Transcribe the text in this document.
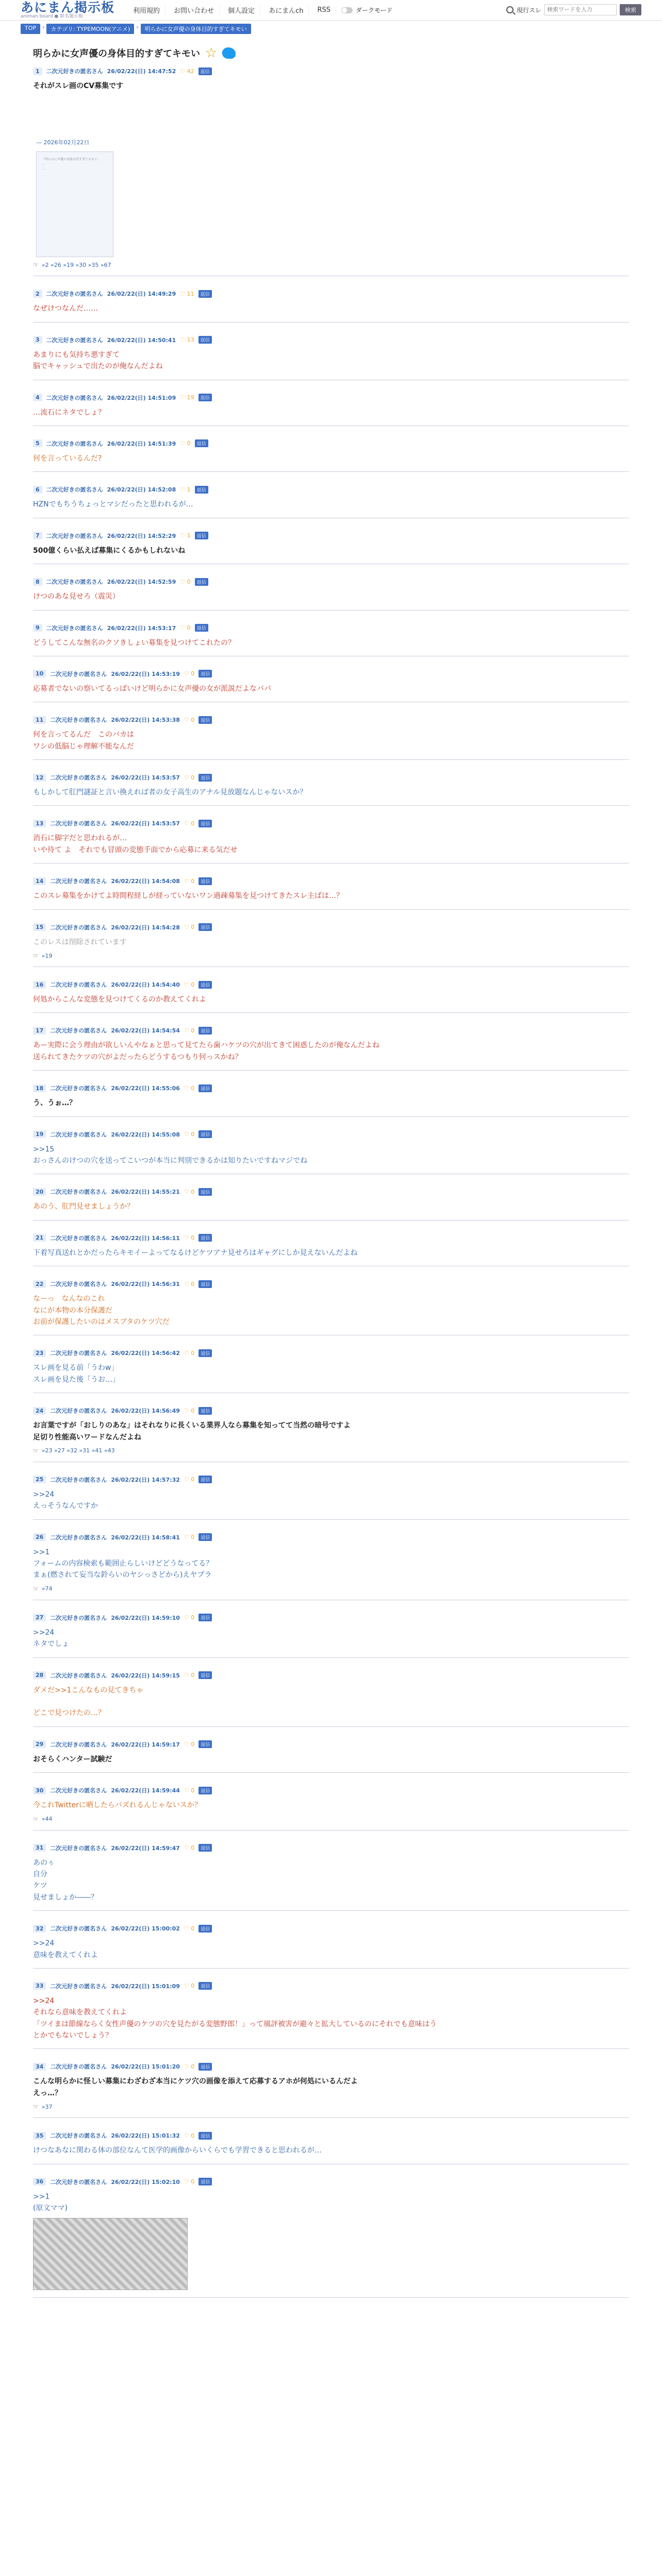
あにまん掲示板
animan board ● 匿名掲示板
利用規約	お問い合わせ	個人設定	あにまんch	RSS	ダークモード	現行スレ
検索ワードを入力	検索
TOP	›	カテゴリ: TYPEMOON(アニメ)	›	明らかに女声優の身体目的すぎてキモい
明らかに女声優の身体目的すぎてキモい ☆
1	二次元好きの匿名さん 26/02/22(日) 14:47:52 ♡ 42	返信
それがスレ画のCV募集です
— 2026年02月22日
「明らかに声優の身体目的すぎてキモい」
…
…
☞ »2 »26 »19 »30 »35 »67
2	二次元好きの匿名さん 26/02/22(日) 14:49:29 ♡ 11	返信
なぜけつなんだ……
3	二次元好きの匿名さん 26/02/22(日) 14:50:41 ♡ 13	返信
あまりにも気持ち悪すぎて
脳でキャッシュで出たのが俺なんだよね
4	二次元好きの匿名さん 26/02/22(日) 14:51:09 ♡ 19	返信
…流石にネタでしょ？
5	二次元好きの匿名さん 26/02/22(日) 14:51:39 ♡ 0	返信
何を言っているんだ?
6	二次元好きの匿名さん 26/02/22(日) 14:52:08 ♡ 1	返信
HZNでもちうちょっとマシだったと思われるが…
7	二次元好きの匿名さん 26/02/22(日) 14:52:29 ♡ 1	返信
500億くらい払えば募集にくるかもしれないね
8	二次元好きの匿名さん 26/02/22(日) 14:52:59 ♡ 0	返信
けつのあな見せろ（震災）
9	二次元好きの匿名さん 26/02/22(日) 14:53:17 ♡ 0	返信
どうしてこんな無名のクソきしょい募集を見つけてこれたの？
10	二次元好きの匿名さん 26/02/22(日) 14:53:19 ♡ 0	返信
応募者でないの察いてるっぱいけど明らかに女声優の女が派説だよなバパ
11	二次元好きの匿名さん 26/02/22(日) 14:53:38 ♡ 0	返信
何を言ってるんだ　このバカは
ワシの低脳じゃ理解不能なんだ
12	二次元好きの匿名さん 26/02/22(日) 14:53:57 ♡ 0	返信
もしかして肛門謎証と言い換えれば者の女子高生のアナル見放題なんじゃないスか？
13	二次元好きの匿名さん 26/02/22(日) 14:53:57 ♡ 0	返信
消石に脚字だと思われるが…
いや待て よ　それでも冒頭の変態手面でから応募に来る気だせ
14	二次元好きの匿名さん 26/02/22(日) 14:54:08 ♡ 0	返信
このスレ募集をかけてよ時間程経しが経っていないワン過疎募集を見つけてきたスレ主ぱは…？
15	二次元好きの匿名さん 26/02/22(日) 14:54:28 ♡ 0	返信
このレスは削除されています
☞ »19
16	二次元好きの匿名さん 26/02/22(日) 14:54:40 ♡ 0	返信
何処からこんな変態を見つけてくるのか教えてくれよ
17	二次元好きの匿名さん 26/02/22(日) 14:54:54 ♡ 0	返信
あー実際に会う理由が欲しいんやなぁと思って見てたら歯ハケツの穴が出てきて困惑したのが俺なんだよね
送られてきたケツの穴がよだったらどうするつもり何っスかね？
18	二次元好きの匿名さん 26/02/22(日) 14:55:06 ♡ 0	返信
う、うぉ…？
19	二次元好きの匿名さん 26/02/22(日) 14:55:08 ♡ 0	返信
>>15
おっさんのけつの穴を送ってこいつが本当に判別できるかは知りたいですねマジでね
20	二次元好きの匿名さん 26/02/22(日) 14:55:21 ♡ 0	返信
あのう、肛門見せましょうか？
21	二次元好きの匿名さん 26/02/22(日) 14:56:11 ♡ 0	返信
下着写真送れとかだったらキモイーよってなるけどケツアナ見せろはギャグにしか見えないんだよね
22	二次元好きの匿名さん 26/02/22(日) 14:56:31 ♡ 0	返信
なーっ　なんなのこれ
なにが本物の本分保護だ
お前が保護したいのはメスブタのケツ穴だ
23	二次元好きの匿名さん 26/02/22(日) 14:56:42 ♡ 0	返信
スレ画を見る前「うわw」
スレ画を見た後「うお…」
24	二次元好きの匿名さん 26/02/22(日) 14:56:49 ♡ 0	返信
お言葉ですが「おしりのあな」はそれなりに長くいる業界人なら募集を知ってて当然の暗号ですよ
足切り性能高いワードなんだよね
☞ »23 »27 »32 »31 »41 »43
25	二次元好きの匿名さん 26/02/22(日) 14:57:32 ♡ 0	返信
>>24
えっそうなんですか
26	二次元好きの匿名さん 26/02/22(日) 14:58:41 ♡ 0	返信
>>1
フォームの内容検索も範囲止らしいけどどうなってる？
まぁ(燃されて妄当な鈴らいのヤシっさどから)えヤプラ
☞ »74
27	二次元好きの匿名さん 26/02/22(日) 14:59:10 ♡ 0	返信
>>24
ネタでしょ
28	二次元好きの匿名さん 26/02/22(日) 14:59:15 ♡ 0	返信
ダメだ>>1こんなもの見てきちゃ

どこで見つけたの…？
29	二次元好きの匿名さん 26/02/22(日) 14:59:17 ♡ 0	返信
おそらくハンター試験だ
30	二次元好きの匿名さん 26/02/22(日) 14:59:44 ♡ 0	返信
今これTwitterに晒したらバズれるんじゃないスか？
☞ »44
31	二次元好きの匿名さん 26/02/22(日) 14:59:47 ♡ 0	返信
あのぅ
自分
ケツ
見せましょか――？
32	二次元好きの匿名さん 26/02/22(日) 15:00:02 ♡ 0	返信
>>24
意味を教えてくれよ
33	二次元好きの匿名さん 26/02/22(日) 15:01:09 ♡ 0	返信
>>24
それなら意味を教えてくれよ
「ツイまは節線ならく女性声優のケツの穴を見たがる変態野郎！」って風評被害が避々と拡大しているのにそれでも意味はう
とかでもないでしょう？
34	二次元好きの匿名さん 26/02/22(日) 15:01:20 ♡ 0	返信
こんな明らかに怪しい募集にわざわざ本当にケツ穴の画像を添えて応募するアホが何処にいるんだよ
えっ…？
☞ »37
35	二次元好きの匿名さん 26/02/22(日) 15:01:32 ♡ 0	返信
けつなあなに関わる体の部位なんて医学的画像からいくらでも学習できると思われるが…
36	二次元好きの匿名さん 26/02/22(日) 15:02:10 ♡ 0	返信
>>1
(原文ママ)
